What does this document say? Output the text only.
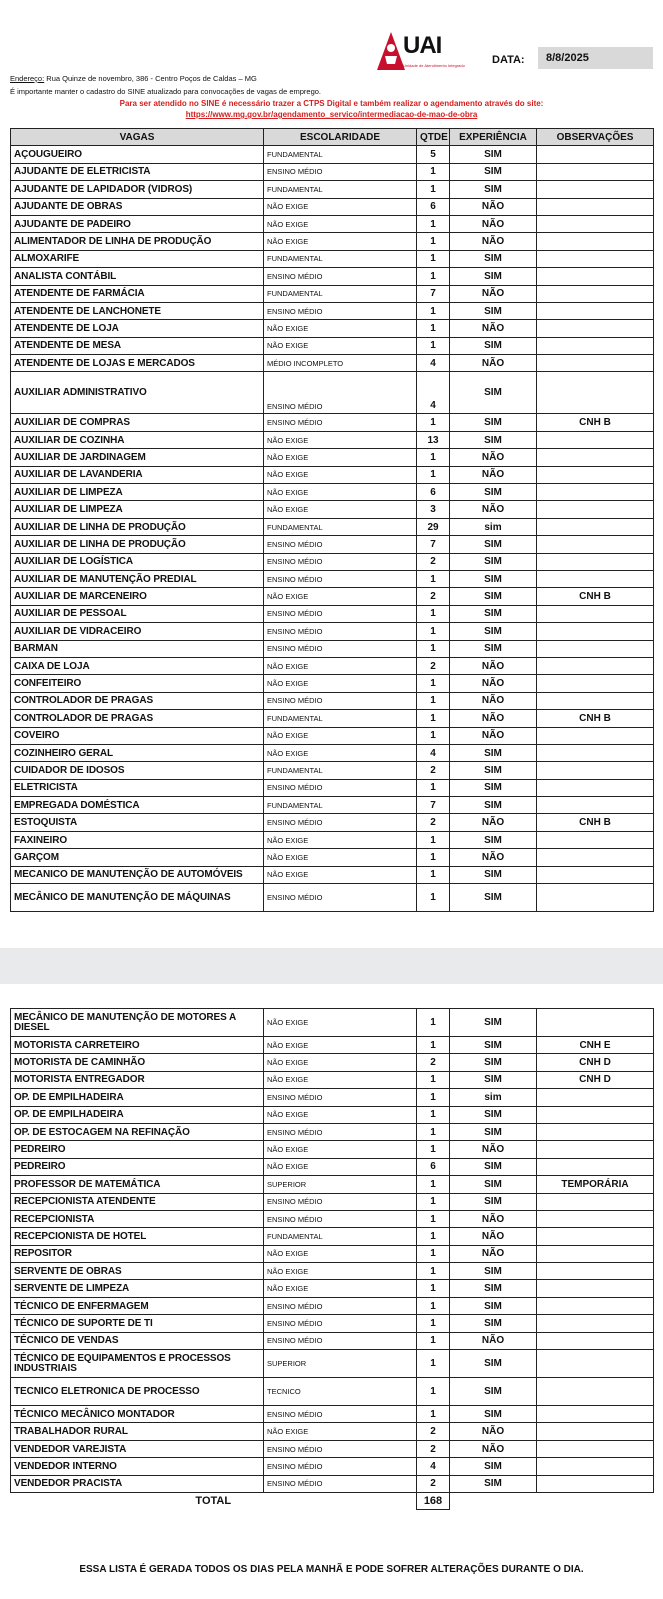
UAI
Unidade de Atendimento Integrado DATA:	8/8/2025
Endereço: Rua Quinze de novembro, 386 - Centro Poços de Caldas – MG
É importante manter o cadastro do SINE atualizado para convocações de vagas de emprego.
Para ser atendido no SINE é necessário trazer a CTPS Digital e também realizar o agendamento através do site:
https://www.mg.gov.br/agendamento_servico/intermediacao-de-mao-de-obra
VAGAS	ESCOLARIDADE	QTDE	EXPERIÊNCIA	OBSERVAÇÕES
AÇOUGUEIRO	FUNDAMENTAL	5	SIM	
AJUDANTE DE ELETRICISTA	ENSINO MÉDIO	1	SIM	
AJUDANTE DE LAPIDADOR (VIDROS)	FUNDAMENTAL	1	SIM	
AJUDANTE DE OBRAS	NÃO EXIGE	6	NÃO	
AJUDANTE DE PADEIRO	NÃO EXIGE	1	NÃO	
ALIMENTADOR DE LINHA DE PRODUÇÃO	NÃO EXIGE	1	NÃO	
ALMOXARIFE	FUNDAMENTAL	1	SIM	
ANALISTA CONTÁBIL	ENSINO MÉDIO	1	SIM	
ATENDENTE DE FARMÁCIA	FUNDAMENTAL	7	NÃO	
ATENDENTE DE LANCHONETE	ENSINO MÉDIO	1	SIM	
ATENDENTE DE LOJA	NÃO EXIGE	1	NÃO	
ATENDENTE DE MESA	NÃO EXIGE	1	SIM	
ATENDENTE DE LOJAS E MERCADOS	MÉDIO INCOMPLETO	4	NÃO	
AUXILIAR ADMINISTRATIVO	ENSINO MÉDIO	4	SIM	
AUXILIAR DE COMPRAS	ENSINO MÉDIO	1	SIM	CNH B
AUXILIAR DE COZINHA	NÃO EXIGE	13	SIM	
AUXILIAR DE JARDINAGEM	NÃO EXIGE	1	NÃO	
AUXILIAR DE LAVANDERIA	NÃO EXIGE	1	NÃO	
AUXILIAR DE LIMPEZA	NÃO EXIGE	6	SIM	
AUXILIAR DE LIMPEZA	NÃO EXIGE	3	NÃO	
AUXILIAR DE LINHA DE PRODUÇÃO	FUNDAMENTAL	29	sim	
AUXILIAR DE LINHA DE PRODUÇÃO	ENSINO MÉDIO	7	SIM	
AUXILIAR DE LOGÍSTICA	ENSINO MÉDIO	2	SIM	
AUXILIAR DE MANUTENÇÃO PREDIAL	ENSINO MÉDIO	1	SIM	
AUXILIAR DE MARCENEIRO	NÃO EXIGE	2	SIM	CNH B
AUXILIAR DE PESSOAL	ENSINO MÉDIO	1	SIM	
AUXILIAR DE VIDRACEIRO	ENSINO MÉDIO	1	SIM	
BARMAN	ENSINO MÉDIO	1	SIM	
CAIXA DE LOJA	NÃO EXIGE	2	NÃO	
CONFEITEIRO	NÃO EXIGE	1	NÃO	
CONTROLADOR DE PRAGAS	ENSINO MÉDIO	1	NÃO	
CONTROLADOR DE PRAGAS	FUNDAMENTAL	1	NÃO	CNH B
COVEIRO	NÃO EXIGE	1	NÃO	
COZINHEIRO GERAL	NÃO EXIGE	4	SIM	
CUIDADOR DE IDOSOS	FUNDAMENTAL	2	SIM	
ELETRICISTA	ENSINO MÉDIO	1	SIM	
EMPREGADA DOMÉSTICA	FUNDAMENTAL	7	SIM	
ESTOQUISTA	ENSINO MÉDIO	2	NÃO	CNH B
FAXINEIRO	NÃO EXIGE	1	SIM	
GARÇOM	NÃO EXIGE	1	NÃO	
MECANICO DE MANUTENÇÃO DE AUTOMÓVEIS	NÃO EXIGE	1	SIM	
MECÂNICO DE MANUTENÇÃO DE MÁQUINAS	ENSINO MÉDIO	1	SIM	
MECÂNICO DE MANUTENÇÃO DE MOTORES A DIESEL	NÃO EXIGE	1	SIM	
MOTORISTA CARRETEIRO	NÃO EXIGE	1	SIM	CNH E
MOTORISTA DE CAMINHÃO	NÃO EXIGE	2	SIM	CNH D
MOTORISTA ENTREGADOR	NÃO EXIGE	1	SIM	CNH D
OP. DE EMPILHADEIRA	ENSINO MÉDIO	1	sim	
OP. DE EMPILHADEIRA	NÃO EXIGE	1	SIM	
OP. DE ESTOCAGEM NA REFINAÇÃO	ENSINO MÉDIO	1	SIM	
PEDREIRO	NÃO EXIGE	1	NÃO	
PEDREIRO	NÃO EXIGE	6	SIM	
PROFESSOR DE MATEMÁTICA	SUPERIOR	1	SIM	TEMPORÁRIA
RECEPCIONISTA ATENDENTE	ENSINO MÉDIO	1	SIM	
RECEPCIONISTA	ENSINO MÉDIO	1	NÃO	
RECEPCIONISTA DE HOTEL	FUNDAMENTAL	1	NÃO	
REPOSITOR	NÃO EXIGE	1	NÃO	
SERVENTE DE OBRAS	NÃO EXIGE	1	SIM	
SERVENTE DE LIMPEZA	NÃO EXIGE	1	SIM	
TÉCNICO DE ENFERMAGEM	ENSINO MÉDIO	1	SIM	
TÉCNICO DE SUPORTE DE TI	ENSINO MÉDIO	1	SIM	
TÉCNICO DE VENDAS	ENSINO MÉDIO	1	NÃO	
TÉCNICO DE EQUIPAMENTOS E PROCESSOS INDUSTRIAIS	SUPERIOR	1	SIM	
TECNICO ELETRONICA DE PROCESSO	TECNICO	1	SIM	
TÉCNICO MECÂNICO MONTADOR	ENSINO MÉDIO	1	SIM	
TRABALHADOR RURAL	NÃO EXIGE	2	NÃO	
VENDEDOR VAREJISTA	ENSINO MÉDIO	2	NÃO	
VENDEDOR INTERNO	ENSINO MÉDIO	4	SIM	
VENDEDOR PRACISTA	ENSINO MÉDIO	2	SIM	
TOTAL		168		
ESSA LISTA É GERADA TODOS OS DIAS PELA MANHÃ E PODE SOFRER ALTERAÇÕES DURANTE O DIA.
